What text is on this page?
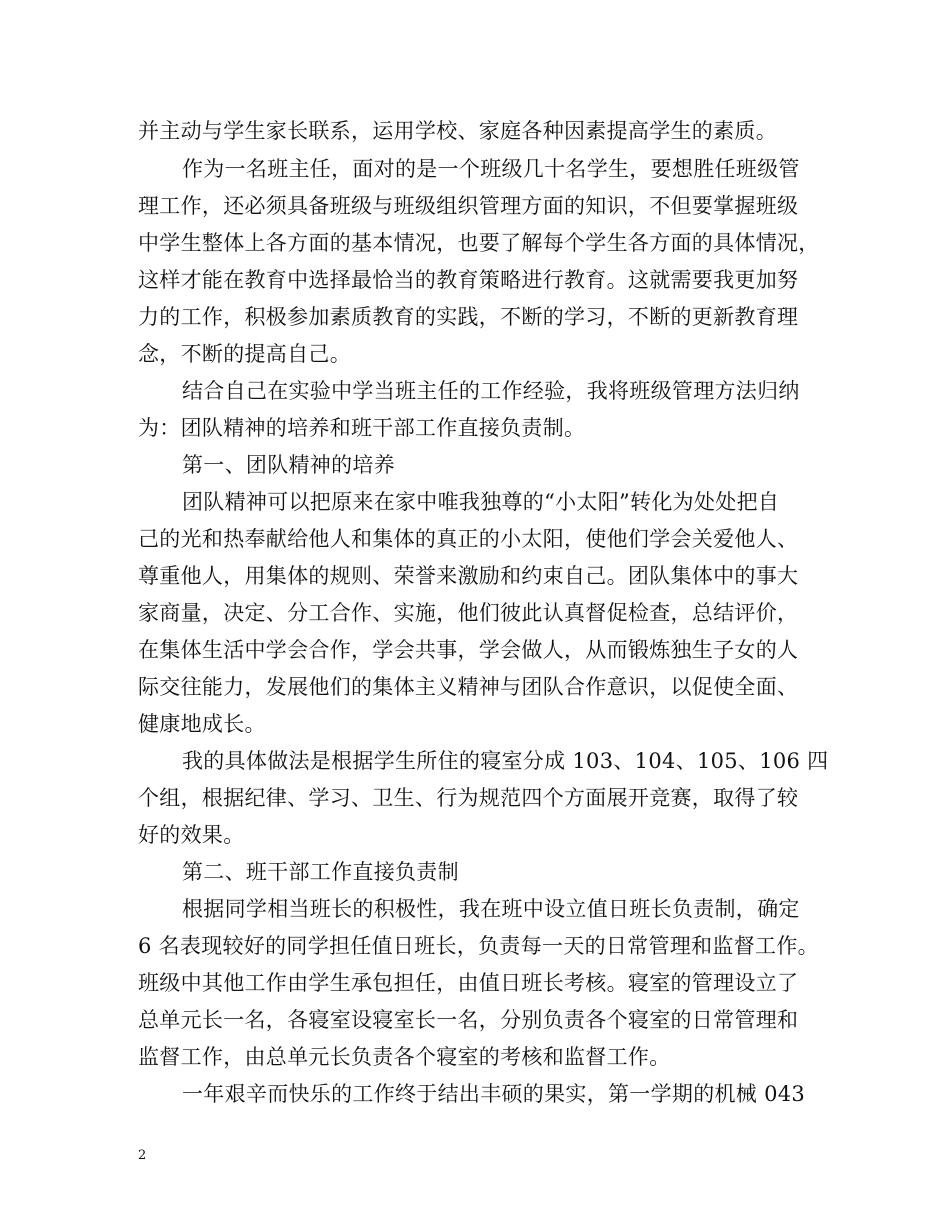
并主动与学生家长联系，运用学校、家庭各种因素提高学生的素质。
作为一名班主任，面对的是一个班级几十名学生，要想胜任班级管
理工作，还必须具备班级与班级组织管理方面的知识，不但要掌握班级
中学生整体上各方面的基本情况，也要了解每个学生各方面的具体情况，
这样才能在教育中选择最恰当的教育策略进行教育。这就需要我更加努
力的工作，积极参加素质教育的实践，不断的学习，不断的更新教育理
念，不断的提高自己。
结合自己在实验中学当班主任的工作经验，我将班级管理方法归纳
为：团队精神的培养和班干部工作直接负责制。
第一、团队精神的培养
团队精神可以把原来在家中唯我独尊的“小太阳”转化为处处把自
己的光和热奉献给他人和集体的真正的小太阳，使他们学会关爱他人、
尊重他人，用集体的规则、荣誉来激励和约束自己。团队集体中的事大
家商量，决定、分工合作、实施，他们彼此认真督促检查，总结评价，
在集体生活中学会合作，学会共事，学会做人，从而锻炼独生子女的人
际交往能力，发展他们的集体主义精神与团队合作意识，以促使全面、
健康地成长。
我的具体做法是根据学生所住的寝室分成 103、104、105、106 四
个组，根据纪律、学习、卫生、行为规范四个方面展开竞赛，取得了较
好的效果。
第二、班干部工作直接负责制
根据同学相当班长的积极性，我在班中设立值日班长负责制，确定
6 名表现较好的同学担任值日班长，负责每一天的日常管理和监督工作。
班级中其他工作由学生承包担任，由值日班长考核。寝室的管理设立了
总单元长一名，各寝室设寝室长一名，分别负责各个寝室的日常管理和
监督工作，由总单元长负责各个寝室的考核和监督工作。
一年艰辛而快乐的工作终于结出丰硕的果实，第一学期的机械 043
2
